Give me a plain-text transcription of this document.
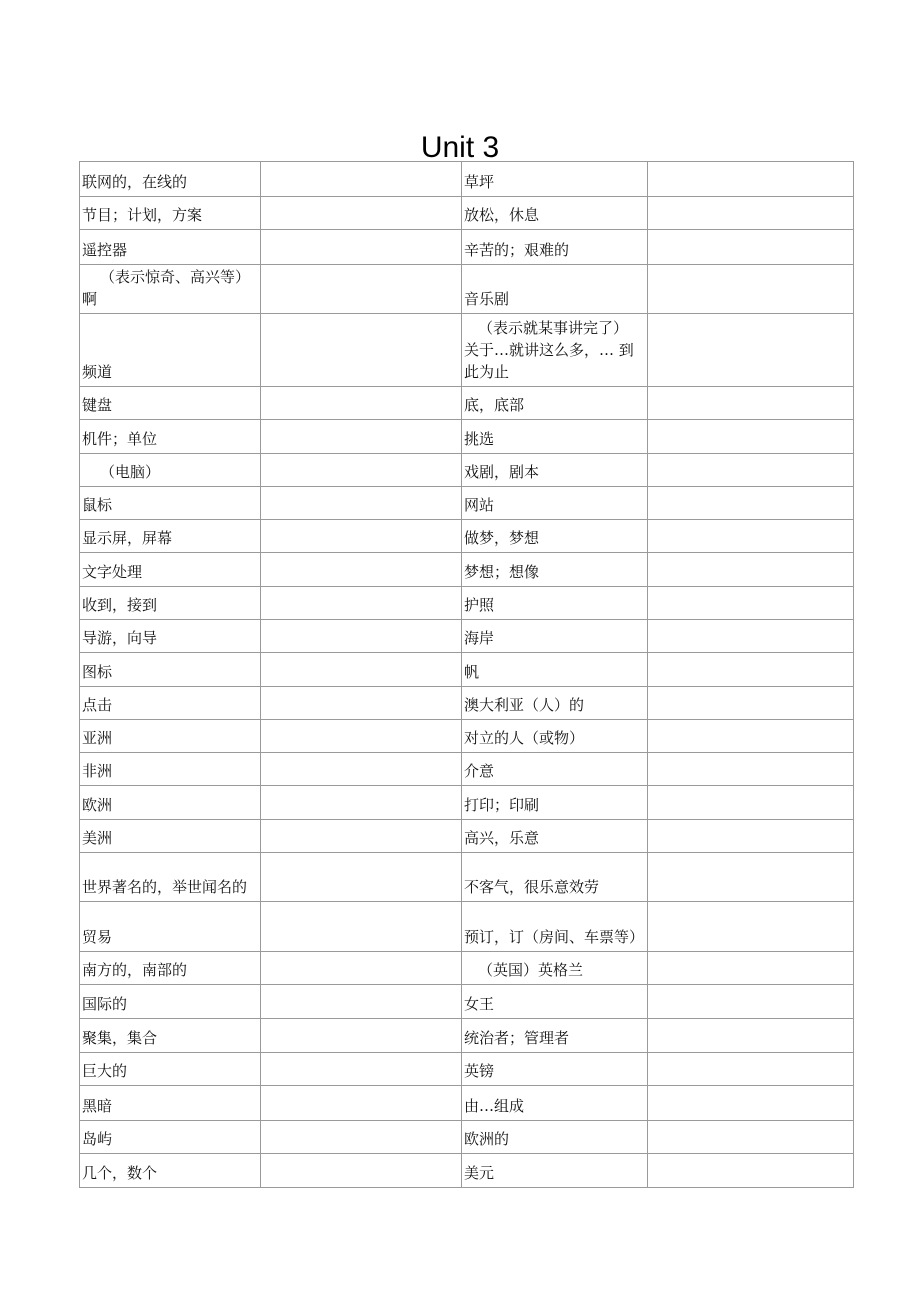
Unit 3
联网的，在线的		草坪	
节目；计划，方案		放松，休息	
遥控器		辛苦的；艰难的	
（表示惊奇、高兴等）啊		音乐剧	
频道		（表示就某事讲完了） 关于…就讲这么多，… 到此为止	
键盘		底，底部	
机件；单位		挑选	
（电脑）		戏剧，剧本	
鼠标		网站	
显示屏，屏幕		做梦，梦想	
文字处理		梦想；想像	
收到，接到		护照	
导游，向导		海岸	
图标		帆	
点击		澳大利亚（人）的	
亚洲		对立的人（或物）	
非洲		介意	
欧洲		打印；印刷	
美洲		高兴，乐意	
世界著名的，举世闻名的		不客气，很乐意效劳	
贸易		预订，订（房间、车票等）	
南方的，南部的		（英国）英格兰	
国际的		女王	
聚集，集合		统治者；管理者	
巨大的		英镑	
黑暗		由…组成	
岛屿		欧洲的	
几个，数个		美元	
